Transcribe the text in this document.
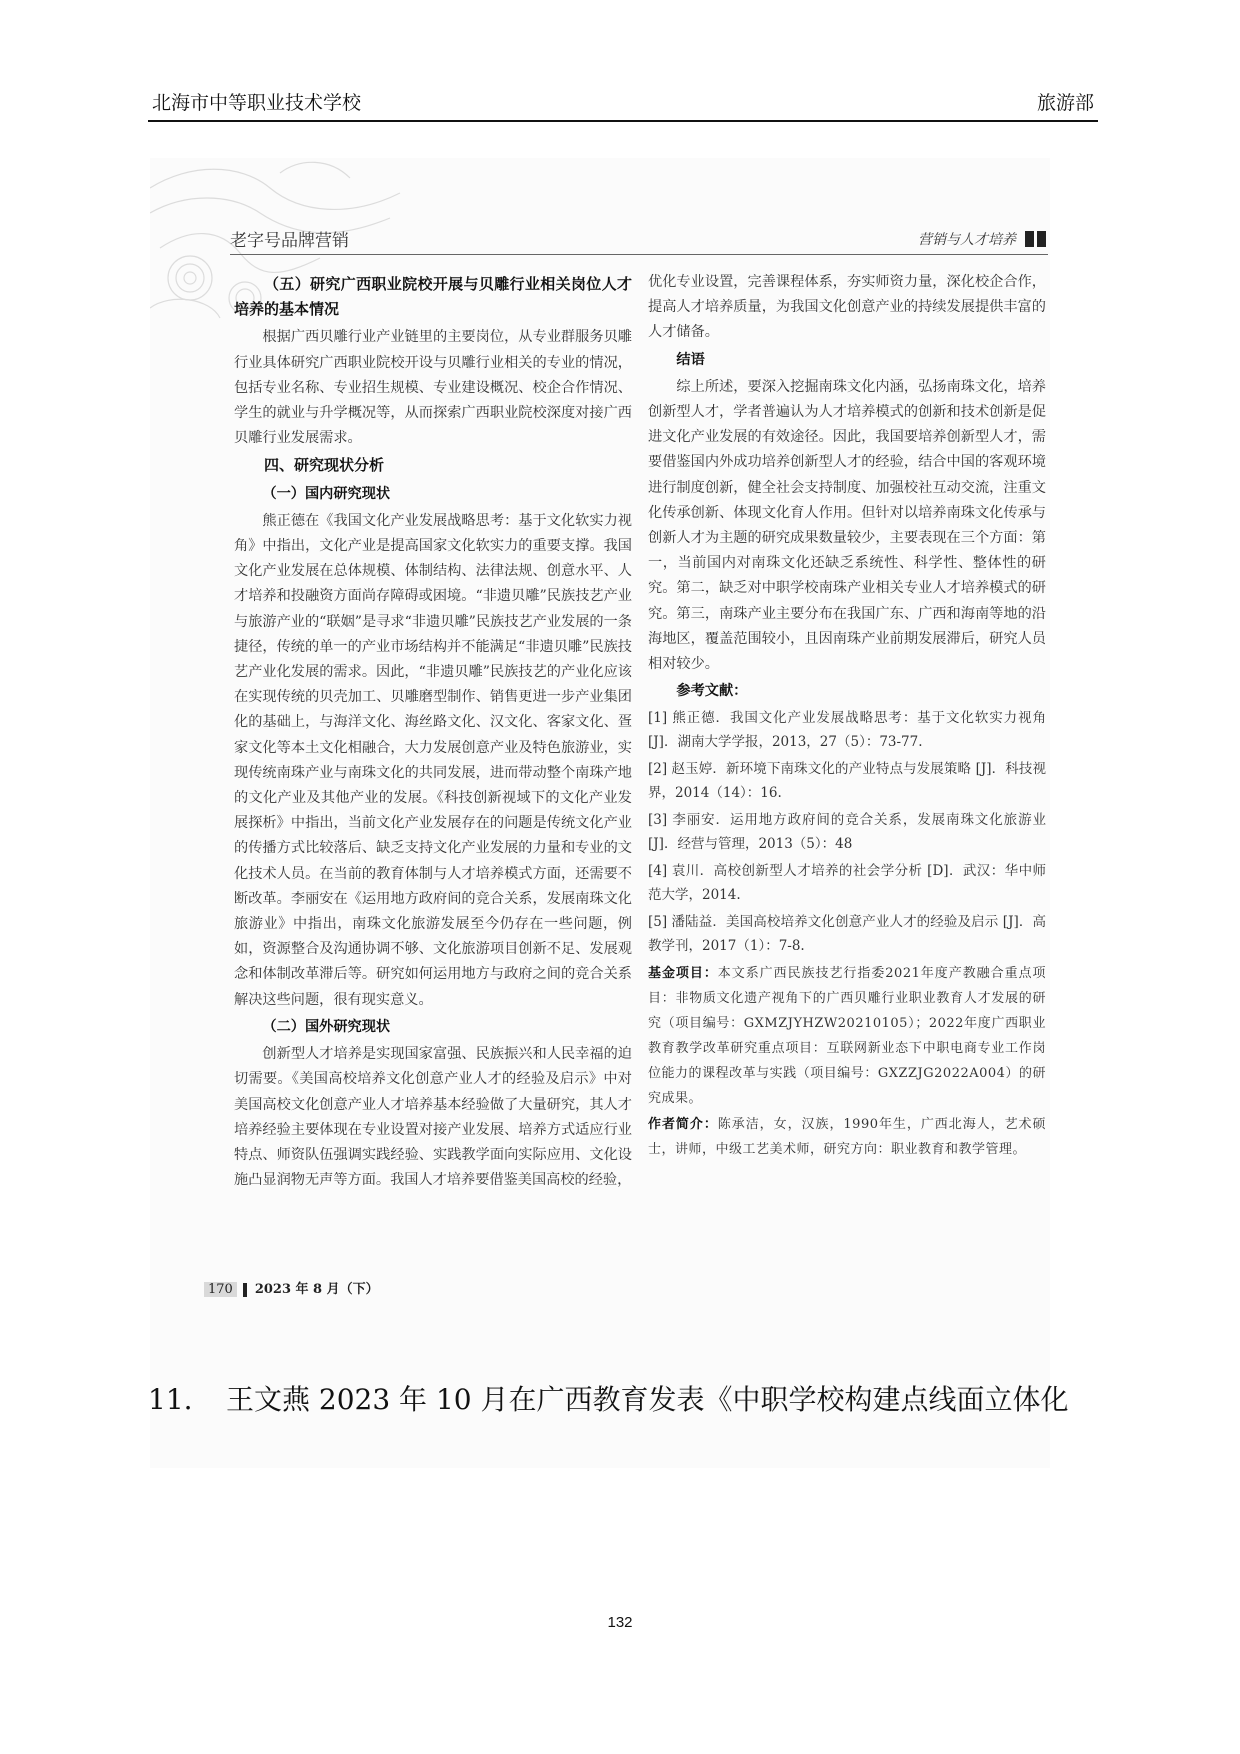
北海市中等职业技术学校	旅游部
老字号品牌营销	营销与人才培养

（五）研究广西职业院校开展与贝雕行业相关岗位人才培养的基本情况

根据广西贝雕行业产业链里的主要岗位，从专业群服务贝雕行业具体研究广西职业院校开设与贝雕行业相关的专业的情况，包括专业名称、专业招生规模、专业建设概况、校企合作情况、学生的就业与升学概况等，从而探索广西职业院校深度对接广西贝雕行业发展需求。

四、研究现状分析

（一）国内研究现状

熊正德在《我国文化产业发展战略思考：基于文化软实力视角》中指出，文化产业是提高国家文化软实力的重要支撑。我国文化产业发展在总体规模、体制结构、法律法规、创意水平、人才培养和投融资方面尚存障碍或困境。“非遗贝雕”民族技艺产业与旅游产业的“联姻”是寻求“非遗贝雕”民族技艺产业发展的一条捷径，传统的单一的产业市场结构并不能满足“非遗贝雕”民族技艺产业化发展的需求。因此，“非遗贝雕”民族技艺的产业化应该在实现传统的贝壳加工、贝雕磨型制作、销售更进一步产业集团化的基础上，与海洋文化、海丝路文化、汉文化、客家文化、疍家文化等本土文化相融合，大力发展创意产业及特色旅游业，实现传统南珠产业与南珠文化的共同发展，进而带动整个南珠产地的文化产业及其他产业的发展。《科技创新视域下的文化产业发展探析》中指出，当前文化产业发展存在的问题是传统文化产业的传播方式比较落后、缺乏支持文化产业发展的力量和专业的文化技术人员。在当前的教育体制与人才培养模式方面，还需要不断改革。李丽安在《运用地方政府间的竞合关系，发展南珠文化旅游业》中指出，南珠文化旅游发展至今仍存在一些问题，例如，资源整合及沟通协调不够、文化旅游项目创新不足、发展观念和体制改革滞后等。研究如何运用地方与政府之间的竞合关系解决这些问题，很有现实意义。

（二）国外研究现状

创新型人才培养是实现国家富强、民族振兴和人民幸福的迫切需要。《美国高校培养文化创意产业人才的经验及启示》中对美国高校文化创意产业人才培养基本经验做了大量研究，其人才培养经验主要体现在专业设置对接产业发展、培养方式适应行业特点、师资队伍强调实践经验、实践教学面向实际应用、文化设施凸显润物无声等方面。我国人才培养要借鉴美国高校的经验，

优化专业设置，完善课程体系，夯实师资力量，深化校企合作，提高人才培养质量，为我国文化创意产业的持续发展提供丰富的人才储备。

结语

综上所述，要深入挖掘南珠文化内涵，弘扬南珠文化，培养创新型人才，学者普遍认为人才培养模式的创新和技术创新是促进文化产业发展的有效途径。因此，我国要培养创新型人才，需要借鉴国内外成功培养创新型人才的经验，结合中国的客观环境进行制度创新，健全社会支持制度、加强校社互动交流，注重文化传承创新、体现文化育人作用。但针对以培养南珠文化传承与创新人才为主题的研究成果数量较少，主要表现在三个方面：第一，当前国内对南珠文化还缺乏系统性、科学性、整体性的研究。第二，缺乏对中职学校南珠产业相关专业人才培养模式的研究。第三，南珠产业主要分布在我国广东、广西和海南等地的沿海地区，覆盖范围较小，且因南珠产业前期发展滞后，研究人员相对较少。

参考文献：

[1] 熊正德．我国文化产业发展战略思考：基于文化软实力视角 [J]．湖南大学学报，2013，27（5）：73-77.

[2] 赵玉婷．新环境下南珠文化的产业特点与发展策略 [J]．科技视界，2014（14）：16.

[3] 李丽安．运用地方政府间的竞合关系，发展南珠文化旅游业 [J]．经营与管理，2013（5）：48

[4] 袁川．高校创新型人才培养的社会学分析 [D]．武汉：华中师范大学，2014.

[5] 潘陆益．美国高校培养文化创意产业人才的经验及启示 [J]．高教学刊，2017（1）：7-8.

基金项目：本文系广西民族技艺行指委2021年度产教融合重点项目：非物质文化遗产视角下的广西贝雕行业职业教育人才发展的研究（项目编号：GXMZJYHZW20210105）；2022年度广西职业教育教学改革研究重点项目：互联网新业态下中职电商专业工作岗位能力的课程改革与实践（项目编号：GXZZJG2022A004）的研究成果。

作者简介：陈承洁，女，汉族，1990年生，广西北海人，艺术硕士，讲师，中级工艺美术师，研究方向：职业教育和教学管理。

170 2023 年 8 月（下）
11. 王文燕 2023 年 10 月在广西教育发表《中职学校构建点线面立体化
132
